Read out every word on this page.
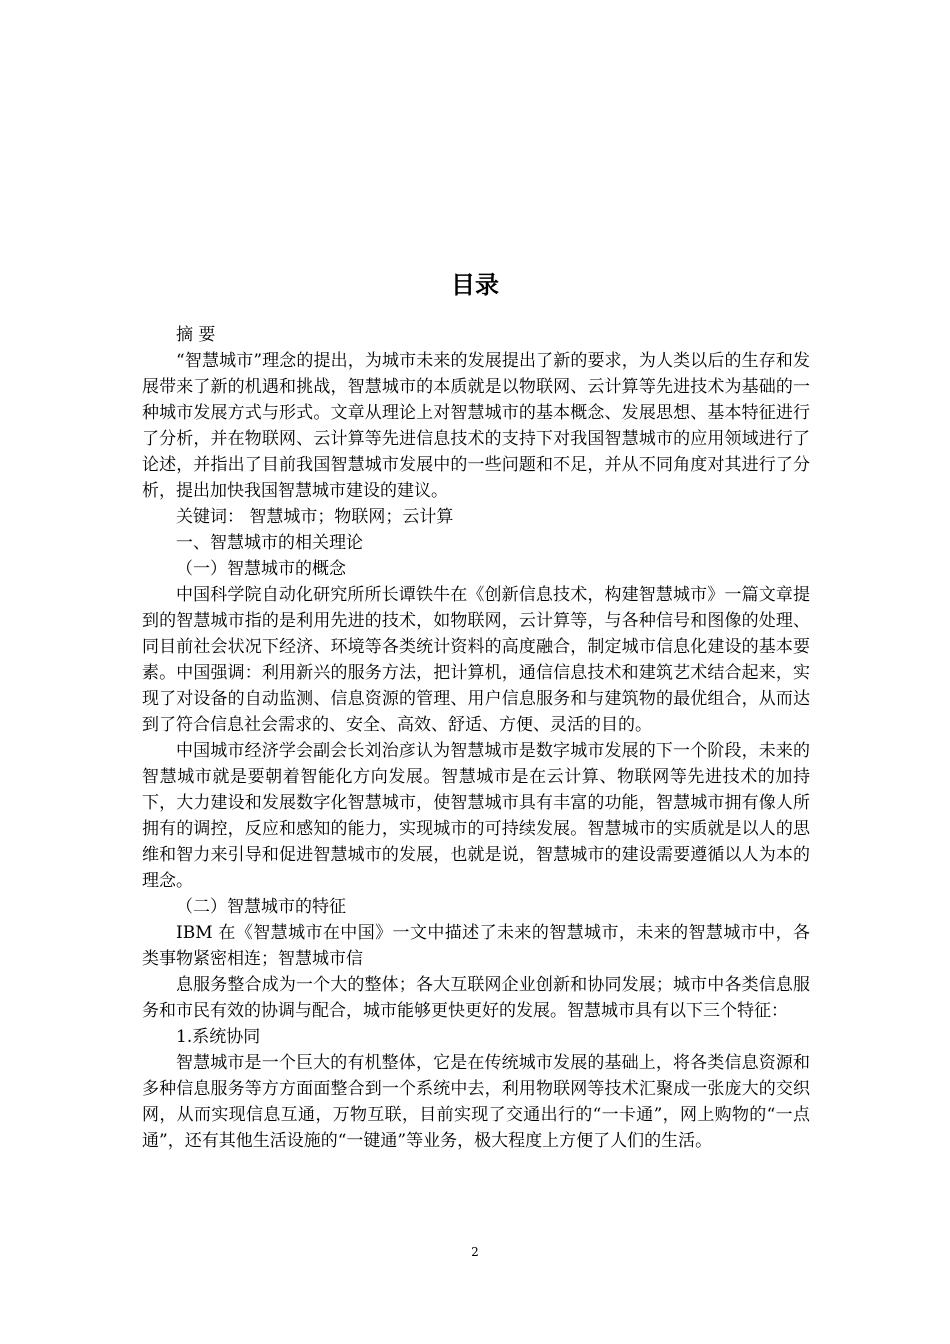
目录

摘 要

“智慧城市”理念的提出，为城市未来的发展提出了新的要求，为人类以后的生存和发展带来了新的机遇和挑战，智慧城市的本质就是以物联网、云计算等先进技术为基础的一种城市发展方式与形式。文章从理论上对智慧城市的基本概念、发展思想、基本特征进行了分析，并在物联网、云计算等先进信息技术的支持下对我国智慧城市的应用领域进行了论述，并指出了目前我国智慧城市发展中的一些问题和不足，并从不同角度对其进行了分析，提出加快我国智慧城市建设的建议。

关键词： 智慧城市；物联网；云计算

一、智慧城市的相关理论

（一）智慧城市的概念

中国科学院自动化研究所所长谭铁牛在《创新信息技术，构建智慧城市》一篇文章提到的智慧城市指的是利用先进的技术，如物联网，云计算等，与各种信号和图像的处理、同目前社会状况下经济、环境等各类统计资料的高度融合，制定城市信息化建设的基本要素。中国强调：利用新兴的服务方法，把计算机，通信信息技术和建筑艺术结合起来，实现了对设备的自动监测、信息资源的管理、用户信息服务和与建筑物的最优组合，从而达到了符合信息社会需求的、安全、高效、舒适、方便、灵活的目的。

中国城市经济学会副会长刘治彦认为智慧城市是数字城市发展的下一个阶段，未来的智慧城市就是要朝着智能化方向发展。智慧城市是在云计算、物联网等先进技术的加持下，大力建设和发展数字化智慧城市，使智慧城市具有丰富的功能，智慧城市拥有像人所拥有的调控，反应和感知的能力，实现城市的可持续发展。智慧城市的实质就是以人的思维和智力来引导和促进智慧城市的发展，也就是说，智慧城市的建设需要遵循以人为本的理念。

（二）智慧城市的特征

IBM 在《智慧城市在中国》一文中描述了未来的智慧城市，未来的智慧城市中，各类事物紧密相连；智慧城市信

息服务整合成为一个大的整体；各大互联网企业创新和协同发展；城市中各类信息服务和市民有效的协调与配合，城市能够更快更好的发展。智慧城市具有以下三个特征：

1.系统协同

智慧城市是一个巨大的有机整体，它是在传统城市发展的基础上，将各类信息资源和多种信息服务等方方面面整合到一个系统中去，利用物联网等技术汇聚成一张庞大的交织网，从而实现信息互通，万物互联，目前实现了交通出行的“一卡通”，网上购物的“一点通”，还有其他生活设施的“一键通”等业务，极大程度上方便了人们的生活。

2
